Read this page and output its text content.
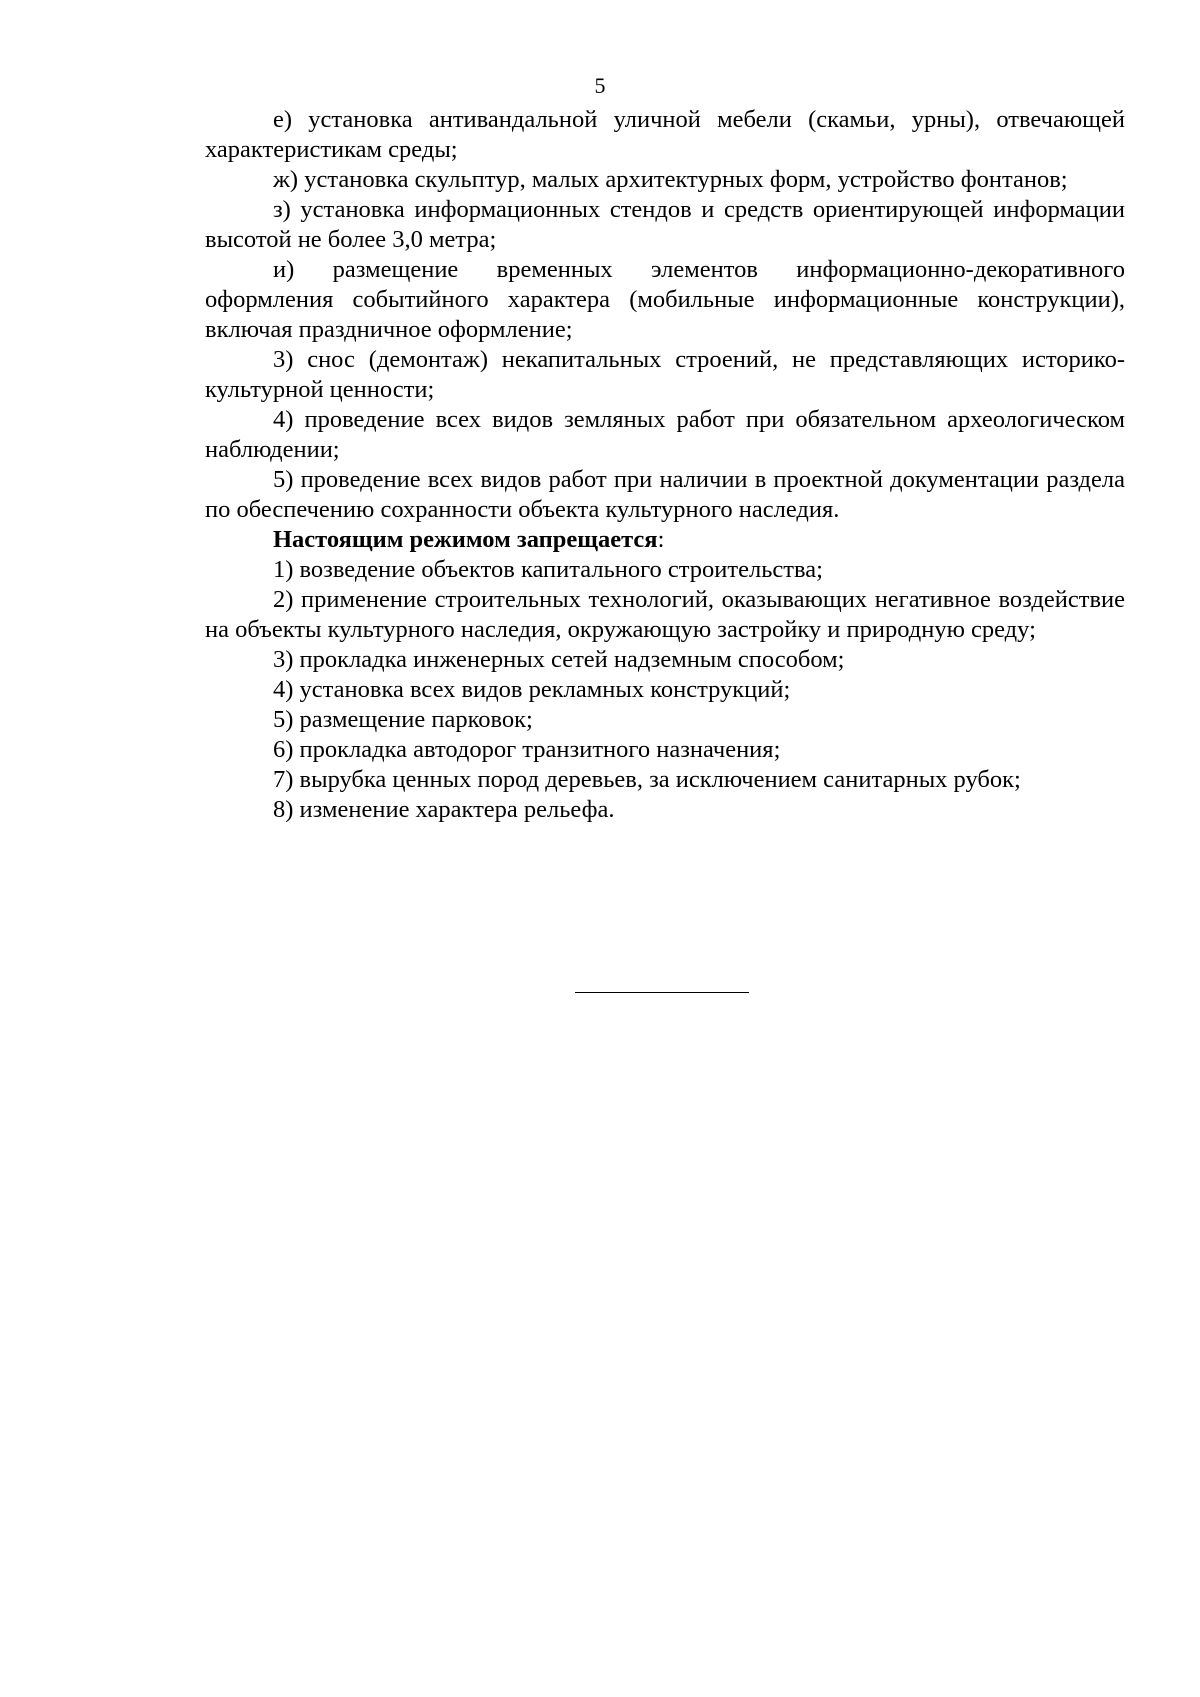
5

е) установка антивандальной уличной мебели (скамьи, урны), отвечающей характеристикам среды;

ж) установка скульптур, малых архитектурных форм, устройство фонтанов;

з) установка информационных стендов и средств ориентирующей информации высотой не более 3,0 метра;

и) размещение временных элементов информационно-декоративного оформления событийного характера (мобильные информационные конструкции), включая праздничное оформление;

3) снос (демонтаж) некапитальных строений, не представляющих историко-культурной ценности;

4) проведение всех видов земляных работ при обязательном археологическом наблюдении;

5) проведение всех видов работ при наличии в проектной документации раздела по обеспечению сохранности объекта культурного наследия.

Настоящим режимом запрещается:

1) возведение объектов капитального строительства;

2) применение строительных технологий, оказывающих негативное воздействие на объекты культурного наследия, окружающую застройку и природную среду;

3) прокладка инженерных сетей надземным способом;

4) установка всех видов рекламных конструкций;

5) размещение парковок;

6) прокладка автодорог транзитного назначения;

7) вырубка ценных пород деревьев, за исключением санитарных рубок;

8) изменение характера рельефа.
